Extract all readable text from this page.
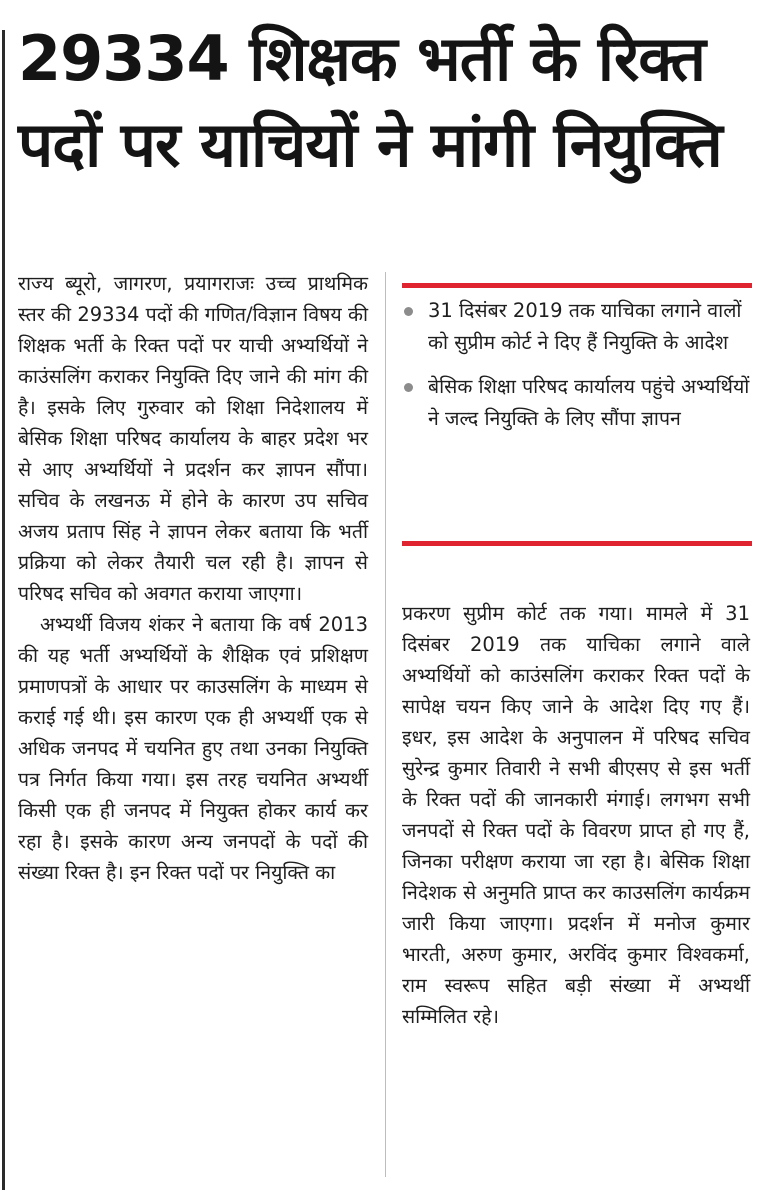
29334 शिक्षक भर्ती के रिक्त पदों पर याचियों ने मांगी नियुक्ति

राज्य ब्यूरो, जागरण, प्रयागराजः उच्च प्राथमिक स्तर की 29334 पदों की गणित/विज्ञान विषय की शिक्षक भर्ती के रिक्त पदों पर याची अभ्यर्थियों ने काउंसलिंग कराकर नियुक्ति दिए जाने की मांग की है। इसके लिए गुरुवार को शिक्षा निदेशालय में बेसिक शिक्षा परिषद कार्यालय के बाहर प्रदेश भर से आए अभ्यर्थियों ने प्रदर्शन कर ज्ञापन सौंपा। सचिव के लखनऊ में होने के कारण उप सचिव अजय प्रताप सिंह ने ज्ञापन लेकर बताया कि भर्ती प्रक्रिया को लेकर तैयारी चल रही है। ज्ञापन से परिषद सचिव को अवगत कराया जाएगा।

अभ्यर्थी विजय शंकर ने बताया कि वर्ष 2013 की यह भर्ती अभ्यर्थियों के शैक्षिक एवं प्रशिक्षण प्रमाणपत्रों के आधार पर काउसलिंग के माध्यम से कराई गई थी। इस कारण एक ही अभ्यर्थी एक से अधिक जनपद में चयनित हुए तथा उनका नियुक्ति पत्र निर्गत किया गया। इस तरह चयनित अभ्यर्थी किसी एक ही जनपद में नियुक्त होकर कार्य कर रहा है। इसके कारण अन्य जनपदों के पदों की संख्या रिक्त है। इन रिक्त पदों पर नियुक्ति का

31 दिसंबर 2019 तक याचिका लगाने वालों को सुप्रीम कोर्ट ने दिए हैं नियुक्ति के आदेश
बेसिक शिक्षा परिषद कार्यालय पहुंचे अभ्यर्थियों ने जल्द नियुक्ति के लिए सौंपा ज्ञापन

प्रकरण सुप्रीम कोर्ट तक गया। मामले में 31 दिसंबर 2019 तक याचिका लगाने वाले अभ्यर्थियों को काउंसलिंग कराकर रिक्त पदों के सापेक्ष चयन किए जाने के आदेश दिए गए हैं। इधर, इस आदेश के अनुपालन में परिषद सचिव सुरेन्द्र कुमार तिवारी ने सभी बीएसए से इस भर्ती के रिक्त पदों की जानकारी मंगाई। लगभग सभी जनपदों से रिक्त पदों के विवरण प्राप्त हो गए हैं, जिनका परीक्षण कराया जा रहा है। बेसिक शिक्षा निदेशक से अनुमति प्राप्त कर काउसलिंग कार्यक्रम जारी किया जाएगा। प्रदर्शन में मनोज कुमार भारती, अरुण कुमार, अरविंद कुमार विश्वकर्मा, राम स्वरूप सहित बड़ी संख्या में अभ्यर्थी सम्मिलित रहे।
